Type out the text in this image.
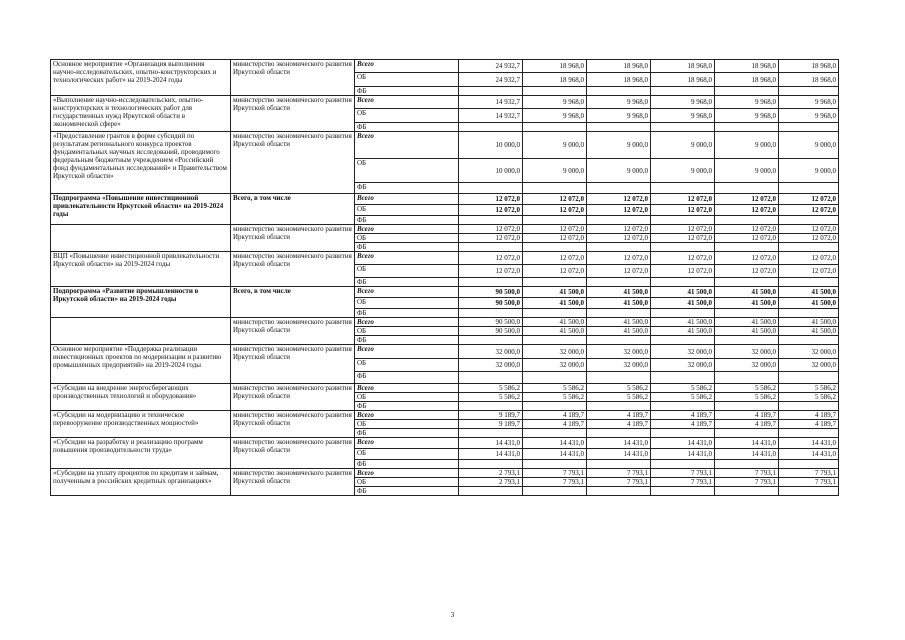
Основное мероприятие «Организация выполнения научно-исследовательских, опытно-конструкторских и технологических работ» на 2019-2024 годы	министерство экономического развития Иркутской области	Всего	24 932,7	18 968,0	18 968,0	18 968,0	18 968,0	18 968,0
		ОБ	24 932,7	18 968,0	18 968,0	18 968,0	18 968,0	18 968,0
		ФБ						
«Выполнение научно-исследовательских, опытно-конструкторских и технологических работ для государственных нужд Иркутской области в экономической сфере»	министерство экономического развития Иркутской области	Всего	14 932,7	9 968,0	9 968,0	9 968,0	9 968,0	9 968,0
		ОБ	14 932,7	9 968,0	9 968,0	9 968,0	9 968,0	9 968,0
		ФБ						
«Предоставление грантов в форме субсидий по результатам регионального конкурса проектов фундаментальных научных исследований, проводимого федеральным бюджетным учреждением «Российский фонд фундаментальных исследований» и Правительством Иркутской области»	министерство экономического развития Иркутской области	Всего	10 000,0	9 000,0	9 000,0	9 000,0	9 000,0	9 000,0
		ОБ	10 000,0	9 000,0	9 000,0	9 000,0	9 000,0	9 000,0
		ФБ						
Подпрограмма «Повышение инвестиционной привлекательности Иркутской области» на 2019-2024 годы	Всего, в том числе	Всего	12 072,0	12 072,0	12 072,0	12 072,0	12 072,0	12 072,0
		ОБ	12 072,0	12 072,0	12 072,0	12 072,0	12 072,0	12 072,0
		ФБ						
	министерство экономического развития Иркутской области	Всего	12 072,0	12 072,0	12 072,0	12 072,0	12 072,0	12 072,0
		ОБ	12 072,0	12 072,0	12 072,0	12 072,0	12 072,0	12 072,0
		ФБ						
ВЦП «Повышение инвестиционной привлекательности Иркутской области» на 2019-2024 годы	министерство экономического развития Иркутской области	Всего	12 072,0	12 072,0	12 072,0	12 072,0	12 072,0	12 072,0
		ОБ	12 072,0	12 072,0	12 072,0	12 072,0	12 072,0	12 072,0
		ФБ						
Подпрограмма «Развитие промышленности в Иркутской области» на 2019-2024 годы	Всего, в том числе	Всего	90 500,0	41 500,0	41 500,0	41 500,0	41 500,0	41 500,0
		ОБ	90 500,0	41 500,0	41 500,0	41 500,0	41 500,0	41 500,0
		ФБ						
	министерство экономического развития Иркутской области	Всего	90 500,0	41 500,0	41 500,0	41 500,0	41 500,0	41 500,0
		ОБ	90 500,0	41 500,0	41 500,0	41 500,0	41 500,0	41 500,0
		ФБ						
Основное мероприятие «Поддержка реализации инвестиционных проектов по модернизации и развитию промышленных предприятий» на 2019-2024 годы	министерство экономического развития Иркутской области	Всего	32 000,0	32 000,0	32 000,0	32 000,0	32 000,0	32 000,0
		ОБ	32 000,0	32 000,0	32 000,0	32 000,0	32 000,0	32 000,0
		ФБ						
«Субсидии на внедрение энергосберегающих производственных технологий и оборудования»	министерство экономического развития Иркутской области	Всего	5 586,2	5 586,2	5 586,2	5 586,2	5 586,2	5 586,2
		ОБ	5 586,2	5 586,2	5 586,2	5 586,2	5 586,2	5 586,2
		ФБ						
«Субсидии на модернизацию и техническое перевооружение производственных мощностей»	министерство экономического развития Иркутской области	Всего	9 189,7	4 189,7	4 189,7	4 189,7	4 189,7	4 189,7
		ОБ	9 189,7	4 189,7	4 189,7	4 189,7	4 189,7	4 189,7
		ФБ						
«Субсидии на разработку и реализацию программ повышения производительности труда»	министерство экономического развития Иркутской области	Всего	14 431,0	14 431,0	14 431,0	14 431,0	14 431,0	14 431,0
		ОБ	14 431,0	14 431,0	14 431,0	14 431,0	14 431,0	14 431,0
		ФБ						
«Субсидии на уплату процентов по кредитам и займам, полученным в российских кредитных организациях»	министерство экономического развития Иркутской области	Всего	2 793,1	7 793,1	7 793,1	7 793,1	7 793,1	7 793,1
		ОБ	2 793,1	7 793,1	7 793,1	7 793,1	7 793,1	7 793,1
		ФБ						
3
